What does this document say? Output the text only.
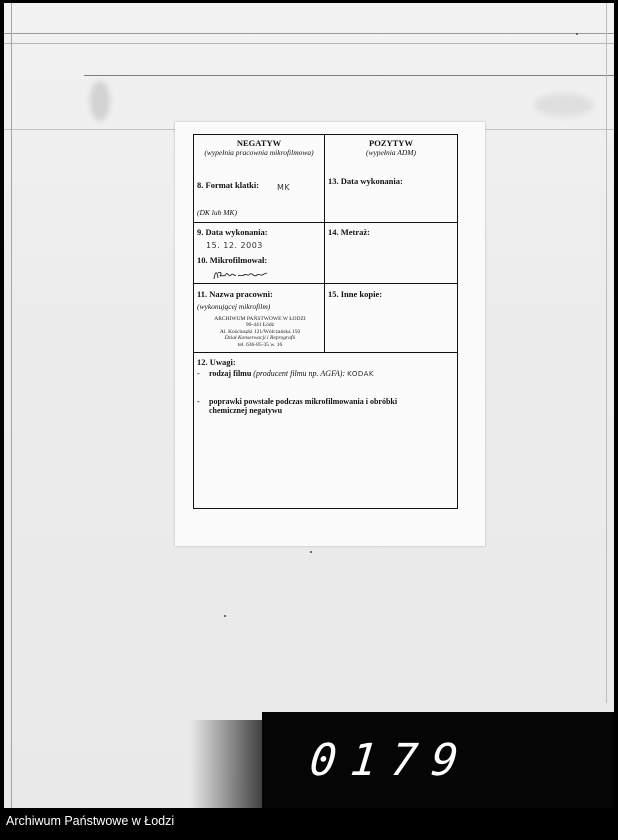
NEGATYW
(wypełnia pracownia mikrofilmowa)
POZYTYW
(wypełnia ADM)
8. Format klatki: MK
(DK lub MK)
13. Data wykonania:
9. Data wykonania:
15. 12. 2003
10. Mikrofilmował:
14. Metraż:
11. Nazwa pracowni:
(wykonującej mikrofilm)
ARCHIWUM PAŃSTWOWE W ŁODZI
90-441 Łódź
Al. Kościuszki 121/Wólczańska 150
Dział Konserwacji i Reprografii
tel. 636-85-35 w. 16
15. Inne kopie:
12. Uwagi:
- rodzaj filmu (producent filmu np. AGFA): KODAK
- poprawki powstałe podczas mikrofilmowania i obróbki chemicznej negatywu
0179
Archiwum Państwowe w Łodzi
